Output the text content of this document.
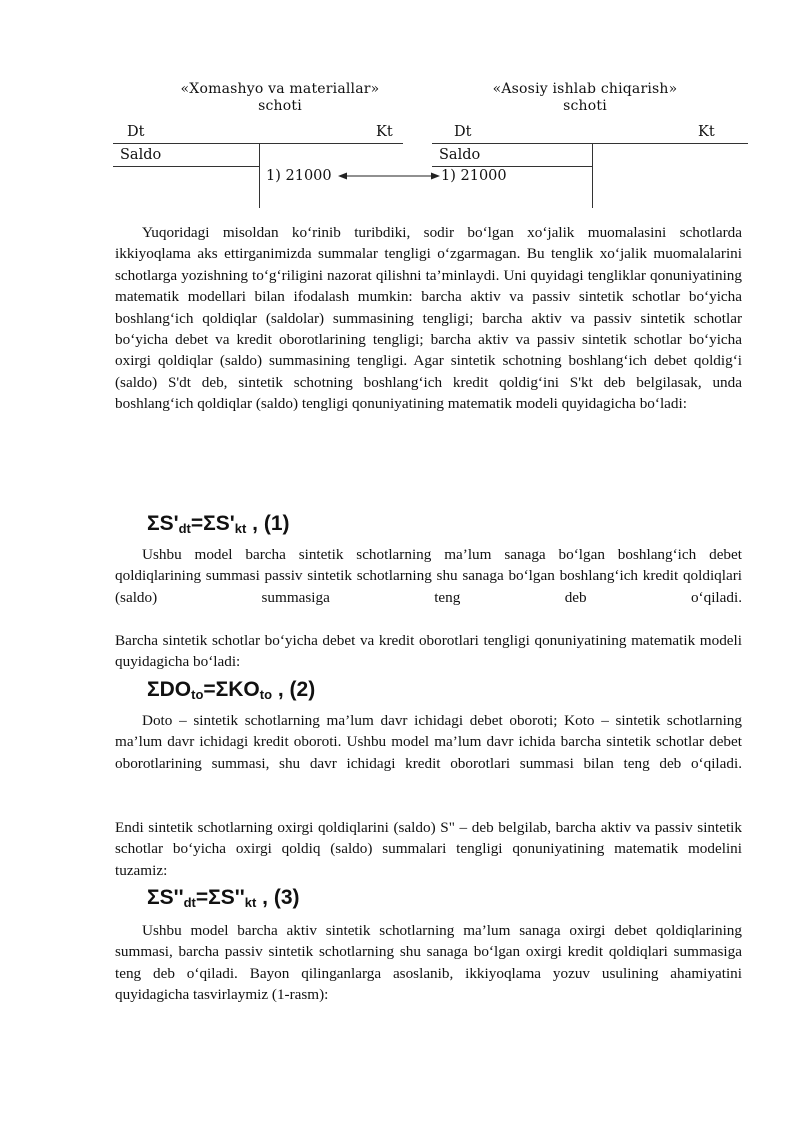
«Xomashyo va materiallar»
schoti
Dt	Kt
Saldo
1) 21000
«Asosiy ishlab chiqarish»
schoti
Dt	Kt
Saldo
1) 21000

Yuqoridagi misoldan ko‘rinib turibdiki, sodir bo‘lgan xo‘jalik muomalasini schotlarda ikkiyoqlama aks ettirganimizda summalar tengligi o‘zgarmagan. Bu tenglik xo‘jalik muomalalarini schotlarga yozishning to‘g‘riligini nazorat qilishni ta’minlaydi. Uni quyidagi tengliklar qonuniyatining matematik modellari bilan ifodalash mumkin: barcha aktiv va passiv sintetik schotlar bo‘yicha boshlang‘ich qoldiqlar (saldolar) summasining tengligi; barcha aktiv va passiv sintetik schotlar bo‘yicha debet va kredit oborotlarining tengligi; barcha aktiv va passiv sintetik schotlar bo‘yicha oxirgi qoldiqlar (saldo) summasining tengligi. Agar sintetik schotning boshlang‘ich debet qoldig‘i (saldo) S'dt deb, sintetik schotning boshlang‘ich kredit qoldig‘ini S'kt deb belgilasak, unda boshlang‘ich qoldiqlar (saldo) tengligi qonuniyatining matematik modeli quyidagicha bo‘ladi:

$\Sigma S'_{dt}=\Sigma S'_{kt}$ , (1)

Ushbu model barcha sintetik schotlarning ma’lum sanaga bo‘lgan boshlang‘ich debet qoldiqlarining summasi passiv sintetik schotlarning shu sanaga bo‘lgan boshlang‘ich kredit qoldiqlari (saldo) summasiga teng deb o‘qiladi.

Barcha sintetik schotlar bo‘yicha debet va kredit oborotlari tengligi qonuniyatining matematik modeli quyidagicha bo‘ladi:

$\Sigma DO_{to}=\Sigma KO_{to}$ , (2)

Doto – sintetik schotlarning ma’lum davr ichidagi debet oboroti; Koto – sintetik schotlarning ma’lum davr ichidagi kredit oboroti. Ushbu model ma’lum davr ichida barcha sintetik schotlar debet oborotlarining summasi, shu davr ichidagi kredit oborotlari summasi bilan teng deb o‘qiladi.

Endi sintetik schotlarning oxirgi qoldiqlarini (saldo) S" – deb belgilab, barcha aktiv va passiv sintetik schotlar bo‘yicha oxirgi qoldiq (saldo) summalari tengligi qonuniyatining matematik modelini tuzamiz:

$\Sigma S''_{dt}=\Sigma S''_{kt}$ , (3)

Ushbu model barcha aktiv sintetik schotlarning ma’lum sanaga oxirgi debet qoldiqlarining summasi, barcha passiv sintetik schotlarning shu sanaga bo‘lgan oxirgi kredit qoldiqlari summasiga teng deb o‘qiladi. Bayon qilinganlarga asoslanib, ikkiyoqlama yozuv usulining ahamiyatini quyidagicha tasvirlaymiz (1-rasm):
